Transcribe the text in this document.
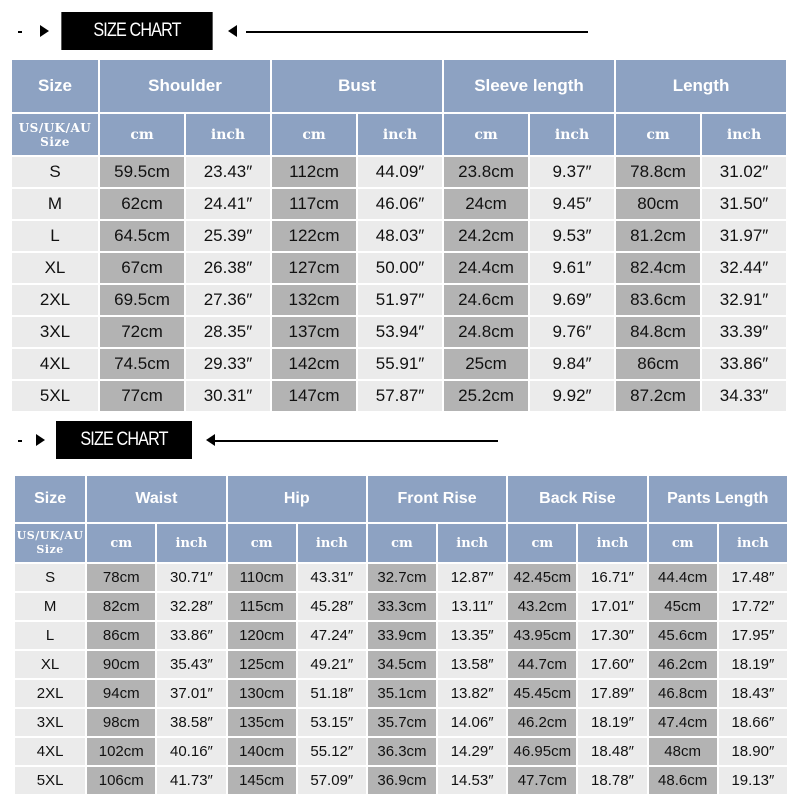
SIZE CHART
Size	Shoulder		Bust		Sleeve length		Length	
US/UK/AU Size	cm	inch	cm	inch	cm	inch	cm	inch
S	59.5cm	23.43″	112cm	44.09″	23.8cm	9.37″	78.8cm	31.02″
M	62cm	24.41″	117cm	46.06″	24cm	9.45″	80cm	31.50″
L	64.5cm	25.39″	122cm	48.03″	24.2cm	9.53″	81.2cm	31.97″
XL	67cm	26.38″	127cm	50.00″	24.4cm	9.61″	82.4cm	32.44″
2XL	69.5cm	27.36″	132cm	51.97″	24.6cm	9.69″	83.6cm	32.91″
3XL	72cm	28.35″	137cm	53.94″	24.8cm	9.76″	84.8cm	33.39″
4XL	74.5cm	29.33″	142cm	55.91″	25cm	9.84″	86cm	33.86″
5XL	77cm	30.31″	147cm	57.87″	25.2cm	9.92″	87.2cm	34.33″
SIZE CHART
Size	Waist		Hip		Front Rise		Back Rise		Pants Length	
US/UK/AU Size	cm	inch	cm	inch	cm	inch	cm	inch	cm	inch
S	78cm	30.71″	110cm	43.31″	32.7cm	12.87″	42.45cm	16.71″	44.4cm	17.48″
M	82cm	32.28″	115cm	45.28″	33.3cm	13.11″	43.2cm	17.01″	45cm	17.72″
L	86cm	33.86″	120cm	47.24″	33.9cm	13.35″	43.95cm	17.30″	45.6cm	17.95″
XL	90cm	35.43″	125cm	49.21″	34.5cm	13.58″	44.7cm	17.60″	46.2cm	18.19″
2XL	94cm	37.01″	130cm	51.18″	35.1cm	13.82″	45.45cm	17.89″	46.8cm	18.43″
3XL	98cm	38.58″	135cm	53.15″	35.7cm	14.06″	46.2cm	18.19″	47.4cm	18.66″
4XL	102cm	40.16″	140cm	55.12″	36.3cm	14.29″	46.95cm	18.48″	48cm	18.90″
5XL	106cm	41.73″	145cm	57.09″	36.9cm	14.53″	47.7cm	18.78″	48.6cm	19.13″
